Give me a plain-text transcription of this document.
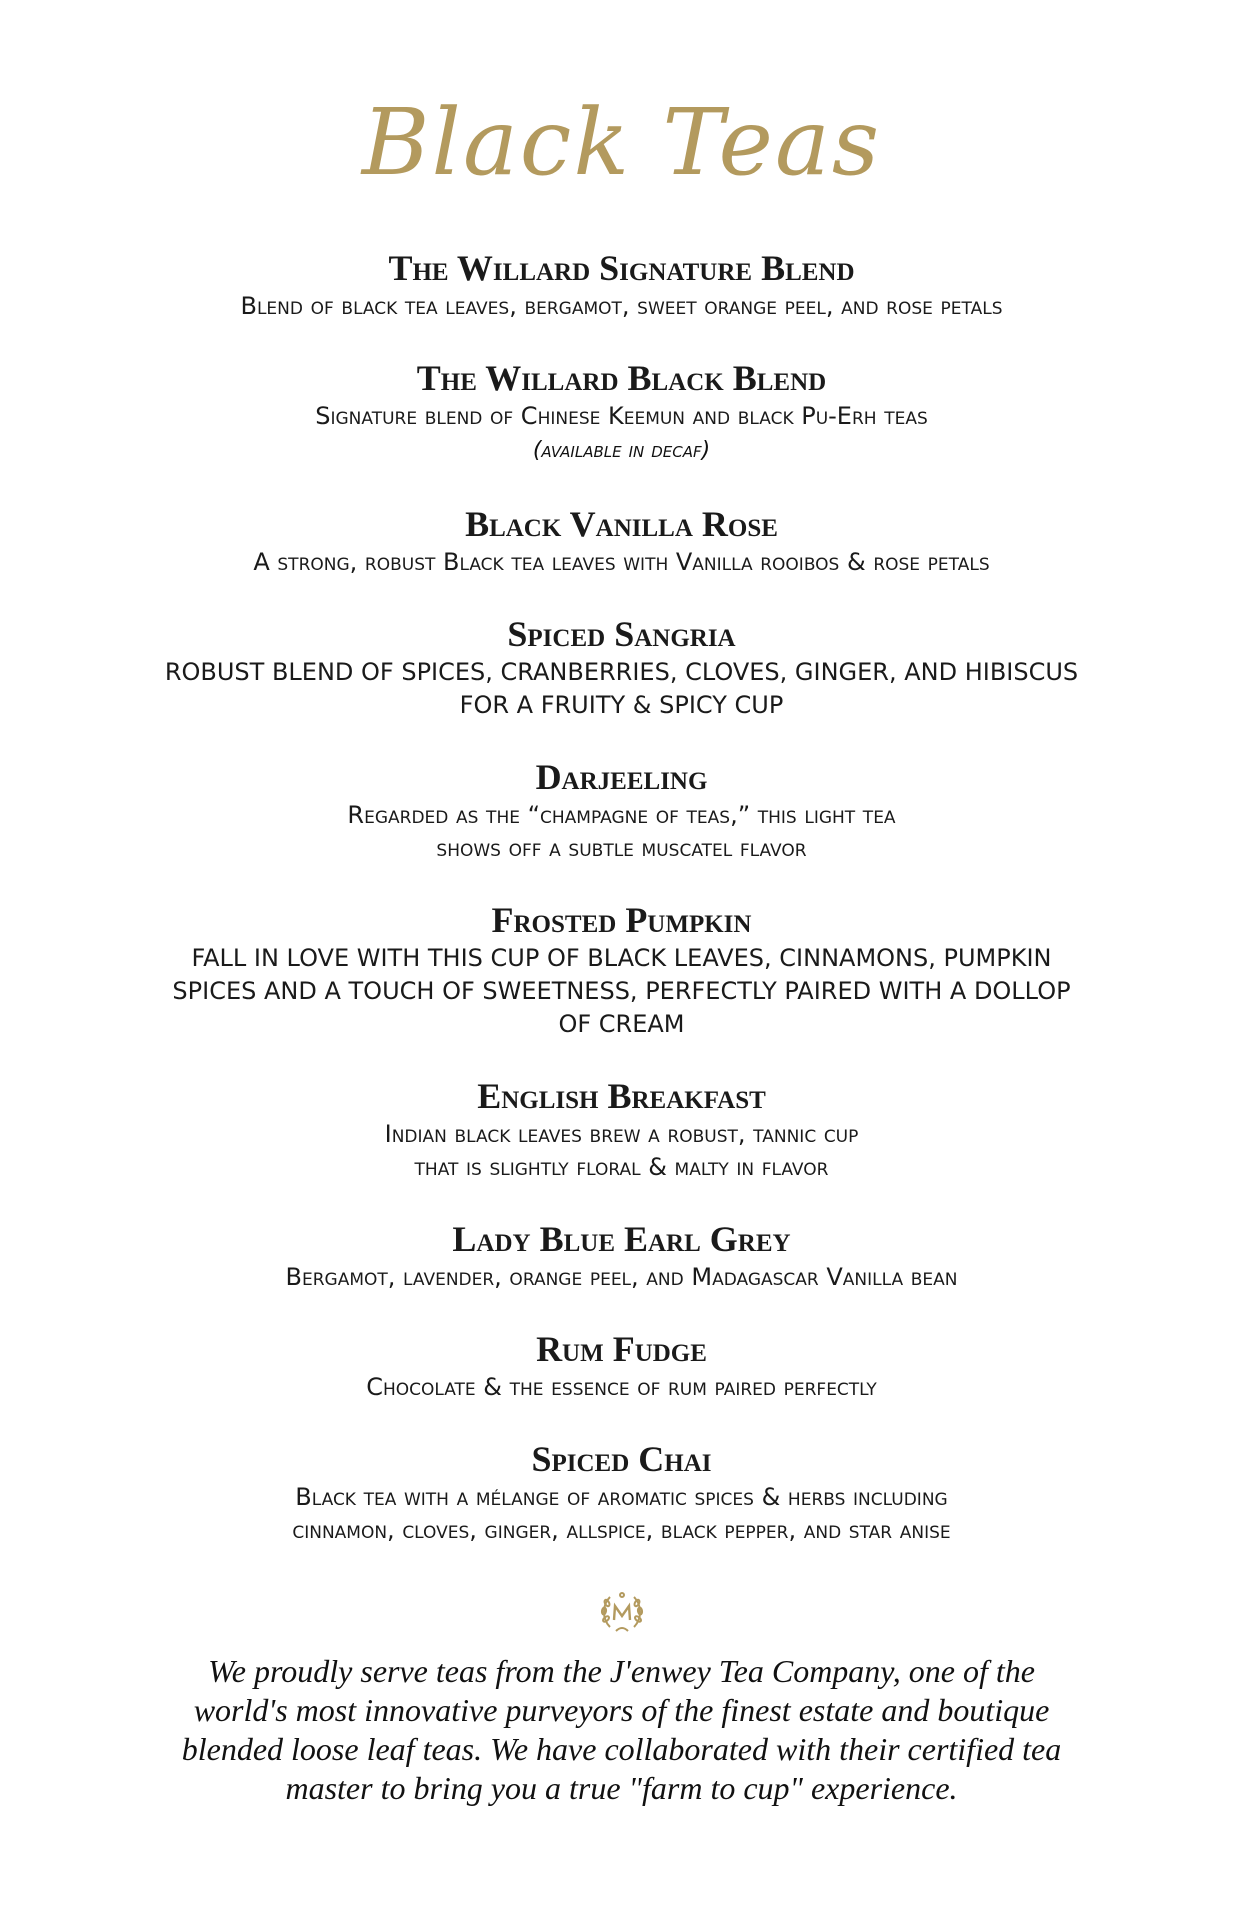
Black Teas
The Willard Signature Blend
Blend of black tea leaves, bergamot, sweet orange peel, and rose petals
The Willard Black Blend
Signature blend of Chinese Keemun and black Pu-Erh teas
(available in decaf)
Black Vanilla Rose
A strong, robust Black tea leaves with Vanilla rooibos & rose petals
Spiced Sangria
ROBUST BLEND OF SPICES, CRANBERRIES, CLOVES, GINGER, AND HIBISCUS
FOR A FRUITY & SPICY CUP
Darjeeling
Regarded as the “champagne of teas,” this light tea
shows off a subtle muscatel flavor
Frosted Pumpkin
FALL IN LOVE WITH THIS CUP OF BLACK LEAVES, CINNAMONS, PUMPKIN
SPICES AND A TOUCH OF SWEETNESS, PERFECTLY PAIRED WITH A DOLLOP
OF CREAM
English Breakfast
Indian black leaves brew a robust, tannic cup
that is slightly floral & malty in flavor
Lady Blue Earl Grey
Bergamot, lavender, orange peel, and Madagascar Vanilla bean
Rum Fudge
Chocolate & the essence of rum paired perfectly
Spiced Chai
Black tea with a mélange of aromatic spices & herbs including
cinnamon, cloves, ginger, allspice, black pepper, and star anise
We proudly serve teas from the J'enwey Tea Company, one of the
world's most innovative purveyors of the finest estate and boutique
blended loose leaf teas. We have collaborated with their certified tea
master to bring you a true "farm to cup" experience.
